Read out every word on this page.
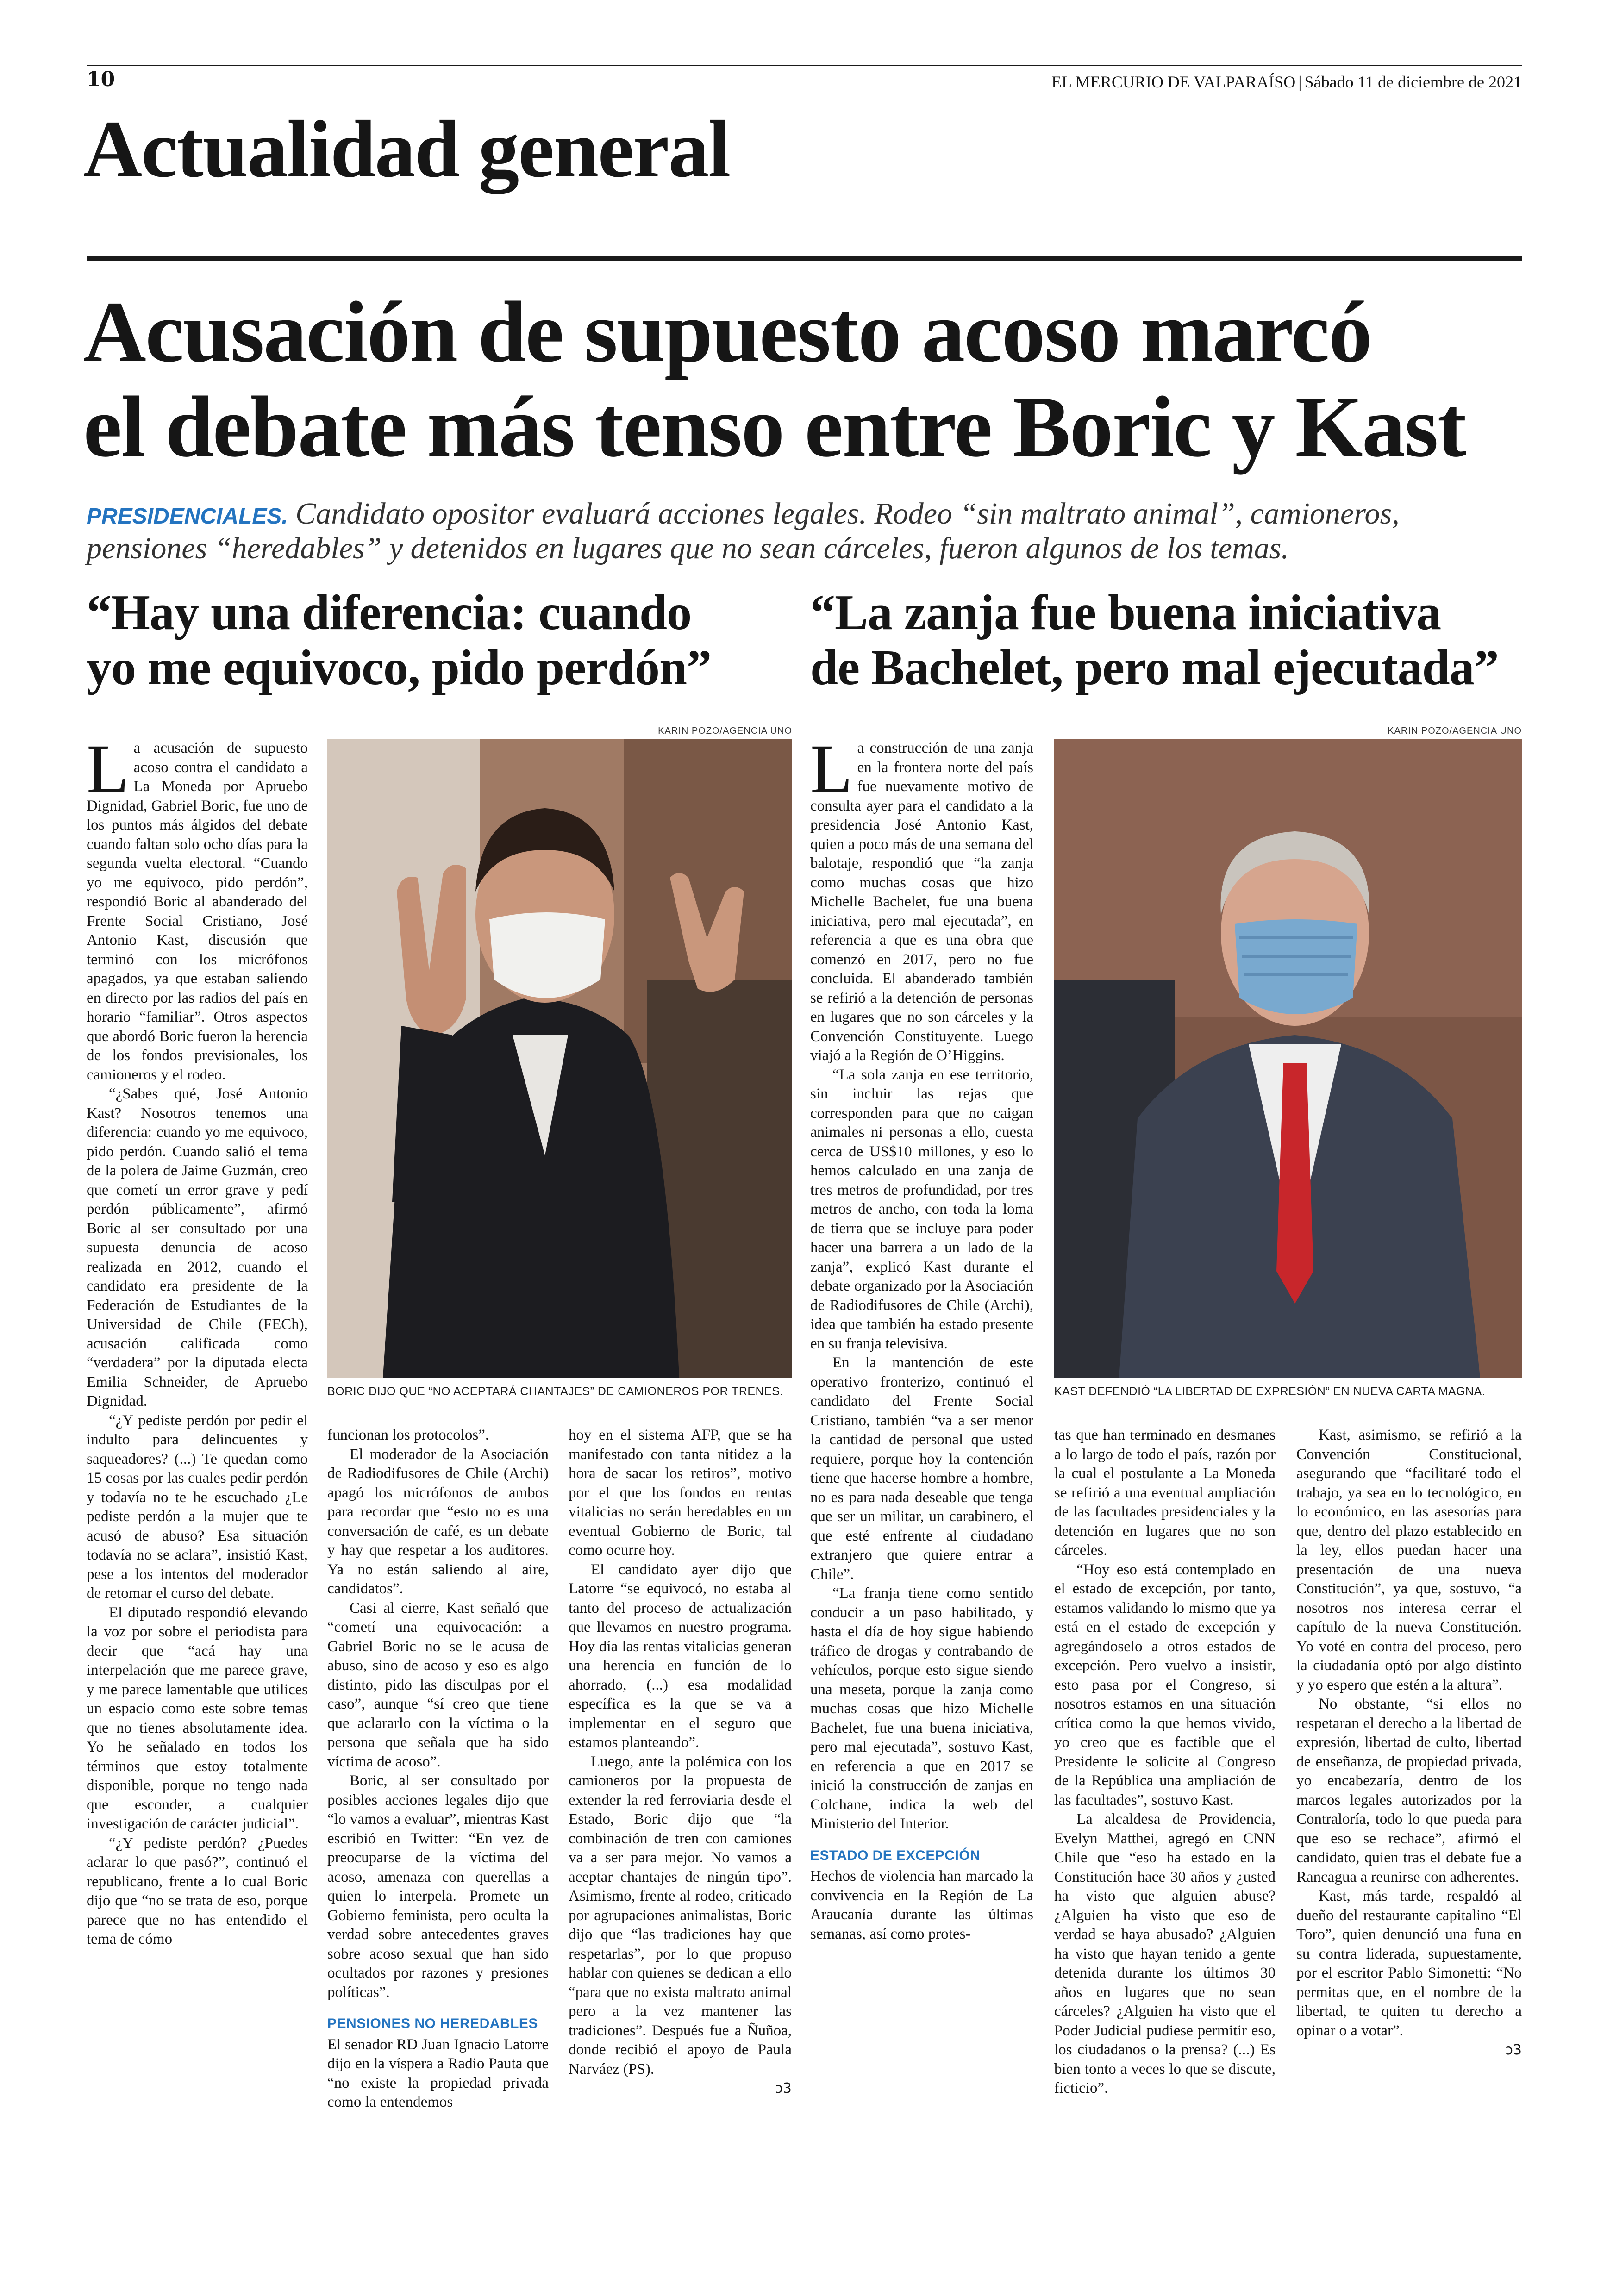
10	EL MERCURIO DE VALPARAÍSO | Sábado 11 de diciembre de 2021
Actualidad general
Acusación de supuesto acoso marcó
el debate más tenso entre Boric y Kast
PRESIDENCIALES. Candidato opositor evaluará acciones legales. Rodeo “sin maltrato animal”, camioneros, pensiones “heredables” y detenidos en lugares que no sean cárceles, fueron algunos de los temas.
“Hay una diferencia: cuando
yo me equivoco, pido perdón”
“La zanja fue buena iniciativa
de Bachelet, pero mal ejecutada”
KARIN POZO/AGENCIA UNO
BORIC DIJO QUE “NO ACEPTARÁ CHANTAJES” DE CAMIONEROS POR TRENES.
L a acusación de supuesto acoso contra el candidato a La Moneda por Apruebo Dignidad, Gabriel Boric, fue uno de los puntos más álgidos del debate cuando faltan solo ocho días para la segunda vuelta electoral. “Cuando yo me equivoco, pido perdón”, respondió Boric al abanderado del Frente Social Cristiano, José Antonio Kast, discusión que terminó con los micrófonos apagados, ya que estaban saliendo en directo por las radios del país en horario “familiar”. Otros aspectos que abordó Boric fueron la herencia de los fondos previsionales, los camioneros y el rodeo.

“¿Sabes qué, José Antonio Kast? Nosotros tenemos una diferencia: cuando yo me equivoco, pido perdón. Cuando salió el tema de la polera de Jaime Guzmán, creo que cometí un error grave y pedí perdón públicamente”, afirmó Boric al ser consultado por una supuesta denuncia de acoso realizada en 2012, cuando el candidato era presidente de la Federación de Estudiantes de la Universidad de Chile (FECh), acusación calificada como “verdadera” por la diputada electa Emilia Schneider, de Apruebo Dignidad.

“¿Y pediste perdón por pedir el indulto para delincuentes y saqueadores? (...) Te quedan como 15 cosas por las cuales pedir perdón y todavía no te he escuchado ¿Le pediste perdón a la mujer que te acusó de abuso? Esa situación todavía no se aclara”, insistió Kast, pese a los intentos del moderador de retomar el curso del debate.

El diputado respondió elevando la voz por sobre el periodista para decir que “acá hay una interpelación que me parece grave, y me parece lamentable que utilices un espacio como este sobre temas que no tienes absolutamente idea. Yo he señalado en todos los términos que estoy totalmente disponible, porque no tengo nada que esconder, a cualquier investigación de carácter judicial”.

“¿Y pediste perdón? ¿Puedes aclarar lo que pasó?”, continuó el republicano, frente a lo cual Boric dijo que “no se trata de eso, porque parece que no has entendido el tema de cómo

funcionan los protocolos”.

El moderador de la Asociación de Radiodifusores de Chile (Archi) apagó los micrófonos de ambos para recordar que “esto no es una conversación de café, es un debate y hay que respetar a los auditores. Ya no están saliendo al aire, candidatos”.

Casi al cierre, Kast señaló que “cometí una equivocación: a Gabriel Boric no se le acusa de abuso, sino de acoso y eso es algo distinto, pido las disculpas por el caso”, aunque “sí creo que tiene que aclararlo con la víctima o la persona que señala que ha sido víctima de acoso”.

Boric, al ser consultado por posibles acciones legales dijo que “lo vamos a evaluar”, mientras Kast escribió en Twitter: “En vez de preocuparse de la víctima del acoso, amenaza con querellas a quien lo interpela. Promete un Gobierno feminista, pero oculta la verdad sobre antecedentes graves sobre acoso sexual que han sido ocultados por razones y presiones políticas”.

PENSIONES NO HEREDABLES

El senador RD Juan Ignacio Latorre dijo en la víspera a Radio Pauta que “no existe la propiedad privada como la entendemos

hoy en el sistema AFP, que se ha manifestado con tanta nitidez a la hora de sacar los retiros”, motivo por el que los fondos en rentas vitalicias no serán heredables en un eventual Gobierno de Boric, tal como ocurre hoy.

El candidato ayer dijo que Latorre “se equivocó, no estaba al tanto del proceso de actualización que llevamos en nuestro programa. Hoy día las rentas vitalicias generan una herencia en función de lo ahorrado, (...) esa modalidad específica es la que se va a implementar en el seguro que estamos planteando”.

Luego, ante la polémica con los camioneros por la propuesta de extender la red ferroviaria desde el Estado, Boric dijo que “la combinación de tren con camiones va a ser para mejor. No vamos a aceptar chantajes de ningún tipo”. Asimismo, frente al rodeo, criticado por agrupaciones animalistas, Boric dijo que “las tradiciones hay que respetarlas”, por lo que propuso hablar con quienes se dedican a ello “para que no exista maltrato animal pero a la vez mantener las tradiciones”. Después fue a Ñuñoa, donde recibió el apoyo de Paula Narváez (PS).

ↄ3
KARIN POZO/AGENCIA UNO
KAST DEFENDIÓ “LA LIBERTAD DE EXPRESIÓN” EN NUEVA CARTA MAGNA.
L a construcción de una zanja en la frontera norte del país fue nuevamente motivo de consulta ayer para el candidato a la presidencia José Antonio Kast, quien a poco más de una semana del balotaje, respondió que “la zanja como muchas cosas que hizo Michelle Bachelet, fue una buena iniciativa, pero mal ejecutada”, en referencia a que es una obra que comenzó en 2017, pero no fue concluida. El abanderado también se refirió a la detención de personas en lugares que no son cárceles y la Convención Constituyente. Luego viajó a la Región de O’Higgins.

“La sola zanja en ese territorio, sin incluir las rejas que corresponden para que no caigan animales ni personas a ello, cuesta cerca de US$10 millones, y eso lo hemos calculado en una zanja de tres metros de profundidad, por tres metros de ancho, con toda la loma de tierra que se incluye para poder hacer una barrera a un lado de la zanja”, explicó Kast durante el debate organizado por la Asociación de Radiodifusores de Chile (Archi), idea que también ha estado presente en su franja televisiva.

En la mantención de este operativo fronterizo, continuó el candidato del Frente Social Cristiano, también “va a ser menor la cantidad de personal que usted requiere, porque hoy la contención tiene que hacerse hombre a hombre, no es para nada deseable que tenga que ser un militar, un carabinero, el que esté enfrente al ciudadano extranjero que quiere entrar a Chile”.

“La franja tiene como sentido conducir a un paso habilitado, y hasta el día de hoy sigue habiendo tráfico de drogas y contrabando de vehículos, porque esto sigue siendo una meseta, porque la zanja como muchas cosas que hizo Michelle Bachelet, fue una buena iniciativa, pero mal ejecutada”, sostuvo Kast, en referencia a que en 2017 se inició la construcción de zanjas en Colchane, indica la web del Ministerio del Interior.

ESTADO DE EXCEPCIÓN

Hechos de violencia han marcado la convivencia en la Región de La Araucanía durante las últimas semanas, así como protes-

tas que han terminado en desmanes a lo largo de todo el país, razón por la cual el postulante a La Moneda se refirió a una eventual ampliación de las facultades presidenciales y la detención en lugares que no son cárceles.

“Hoy eso está contemplado en el estado de excepción, por tanto, estamos validando lo mismo que ya está en el estado de excepción y agregándoselo a otros estados de excepción. Pero vuelvo a insistir, esto pasa por el Congreso, si nosotros estamos en una situación crítica como la que hemos vivido, yo creo que es factible que el Presidente le solicite al Congreso de la República una ampliación de las facultades”, sostuvo Kast.

La alcaldesa de Providencia, Evelyn Matthei, agregó en CNN Chile que “eso ha estado en la Constitución hace 30 años y ¿usted ha visto que alguien abuse? ¿Alguien ha visto que eso de verdad se haya abusado? ¿Alguien ha visto que hayan tenido a gente detenida durante los últimos 30 años en lugares que no sean cárceles? ¿Alguien ha visto que el Poder Judicial pudiese permitir eso, los ciudadanos o la prensa? (...) Es bien tonto a veces lo que se discute, ficticio”.

Kast, asimismo, se refirió a la Convención Constitucional, asegurando que “facilitaré todo el trabajo, ya sea en lo tecnológico, en lo económico, en las asesorías para que, dentro del plazo establecido en la ley, ellos puedan hacer una presentación de una nueva Constitución”, ya que, sostuvo, “a nosotros nos interesa cerrar el capítulo de la nueva Constitución. Yo voté en contra del proceso, pero la ciudadanía optó por algo distinto y yo espero que estén a la altura”.

No obstante, “si ellos no respetaran el derecho a la libertad de expresión, libertad de culto, libertad de enseñanza, de propiedad privada, yo encabezaría, dentro de los marcos legales autorizados por la Contraloría, todo lo que pueda para que eso se rechace”, afirmó el candidato, quien tras el debate fue a Rancagua a reunirse con adherentes.

Kast, más tarde, respaldó al dueño del restaurante capitalino “El Toro”, quien denunció una funa en su contra liderada, supuestamente, por el escritor Pablo Simonetti: “No permitas que, en el nombre de la libertad, te quiten tu derecho a opinar o a votar”.

ↄ3
